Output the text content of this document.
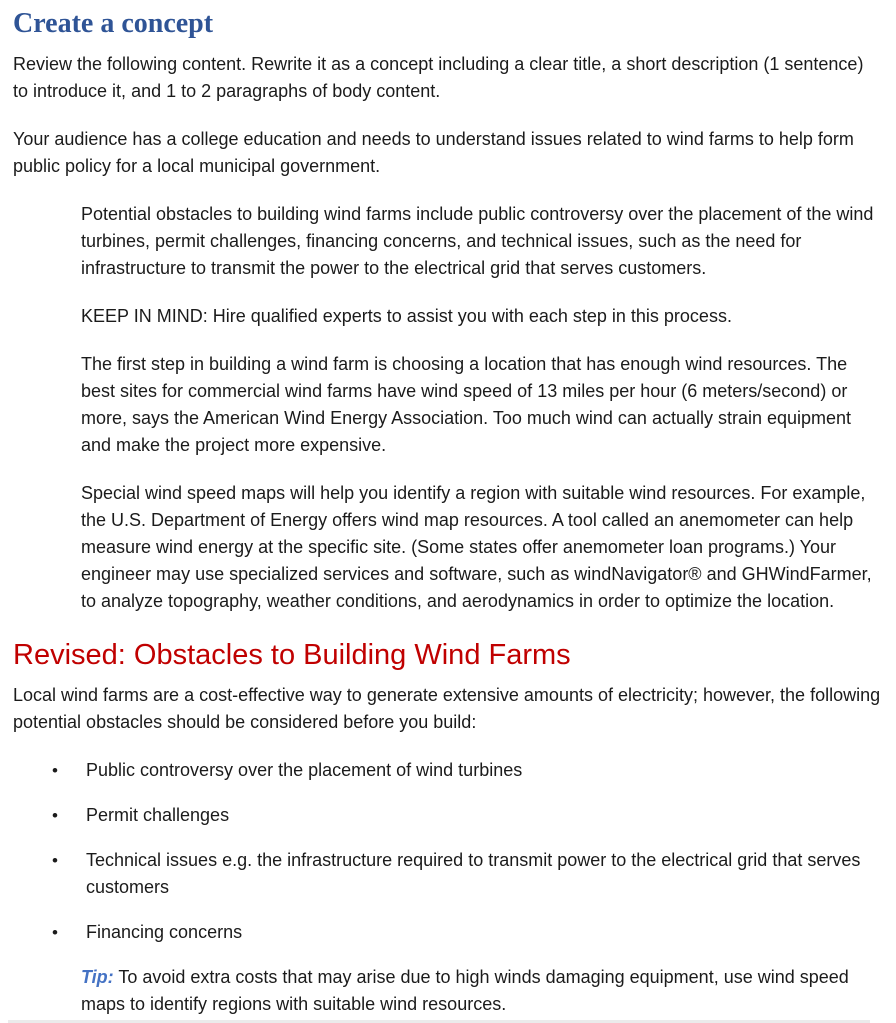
Create a concept

Review the following content. Rewrite it as a concept including a clear title, a short description (1 sentence) to introduce it, and 1 to 2 paragraphs of body content.

Your audience has a college education and needs to understand issues related to wind farms to help form public policy for a local municipal government.

Potential obstacles to building wind farms include public controversy over the placement of the wind turbines, permit challenges, financing concerns, and technical issues, such as the need for infrastructure to transmit the power to the electrical grid that serves customers.

KEEP IN MIND: Hire qualified experts to assist you with each step in this process.

The first step in building a wind farm is choosing a location that has enough wind resources. The best sites for commercial wind farms have wind speed of 13 miles per hour (6 meters/second) or more, says the American Wind Energy Association. Too much wind can actually strain equipment and make the project more expensive.

Special wind speed maps will help you identify a region with suitable wind resources. For example, the U.S. Department of Energy offers wind map resources. A tool called an anemometer can help measure wind energy at the specific site. (Some states offer anemometer loan programs.) Your engineer may use specialized services and software, such as windNavigator® and GHWindFarmer, to analyze topography, weather conditions, and aerodynamics in order to optimize the location.

Revised: Obstacles to Building Wind Farms

Local wind farms are a cost-effective way to generate extensive amounts of electricity; however, the following potential obstacles should be considered before you build:

•	Public controversy over the placement of wind turbines
•	Permit challenges
•	Technical issues e.g. the infrastructure required to transmit power to the electrical grid that serves customers
•	Financing concerns

Tip: To avoid extra costs that may arise due to high winds damaging equipment, use wind speed maps to identify regions with suitable wind resources.
